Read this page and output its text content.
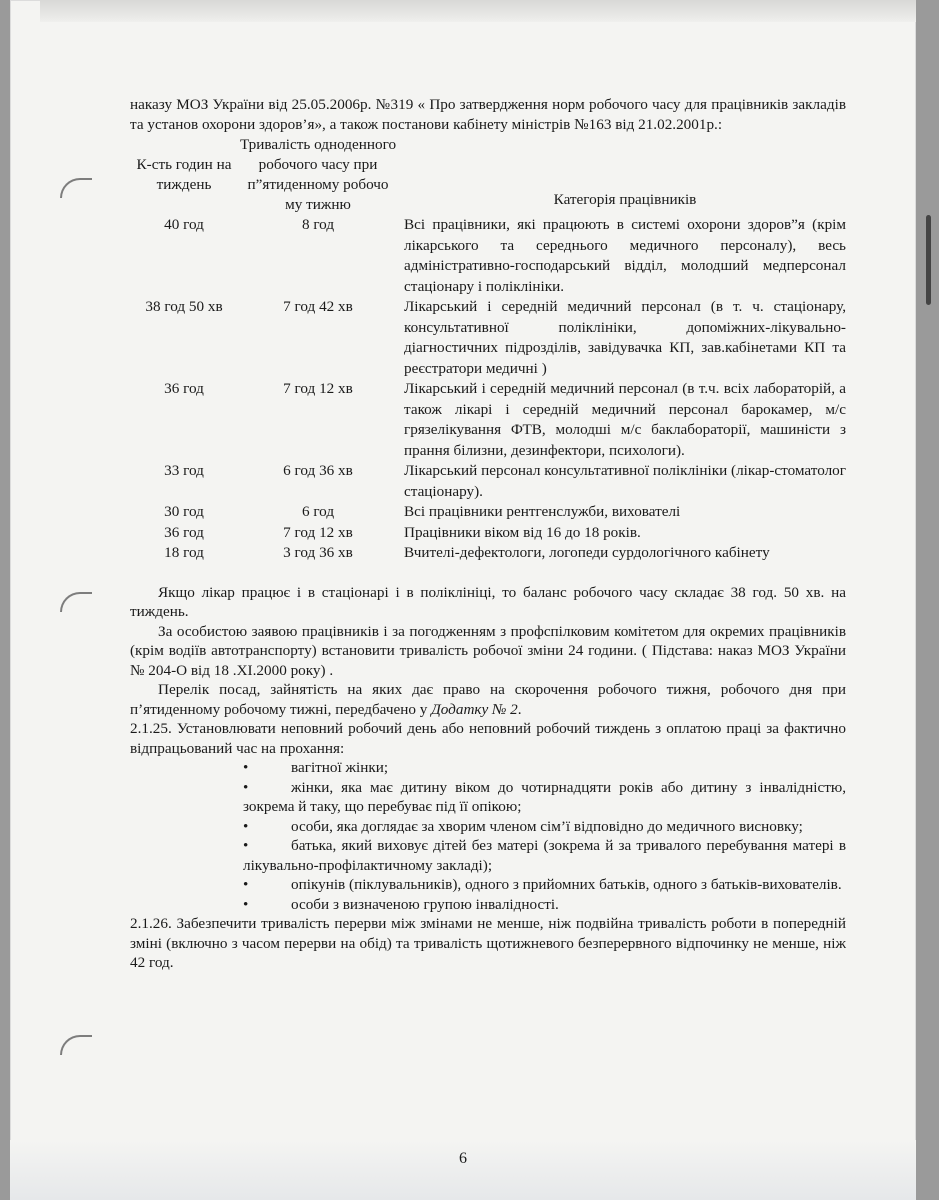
наказу МОЗ України від 25.05.2006р. №319 « Про затвердження норм робочого часу для працівників закладів та установ охорони здоров’я», а також постанови кабінету міністрів №163 від 21.02.2001р.:

К-сть годин на тиждень	Тривалість одноденного робочого часу при п”ятиденному робочо му тижню	Категорія працівників
40 год	8 год	Всі працівники, які працюють в системі охорони здоров”я (крім лікарського та середнього медичного персоналу), весь адміністративно-господарський відділ, молодший медперсонал стаціонару і поліклініки.
38 год 50 хв	7 год 42 хв	Лікарський і середній медичний персонал (в т. ч. стаціонару, консультативної поліклініки, допоміжних-лікувально-діагностичних підрозділів, завідувачка КП, зав.кабінетами КП та реєстратори медичні )
36 год	7 год 12 хв	Лікарський і середній медичний персонал (в т.ч. всіх лабораторій, а також лікарі і середній медичний персонал барокамер, м/с грязелікування ФТВ, молодші м/с баклабораторії, машиністи з прання білизни, дезинфектори, психологи).
33 год	6 год 36 хв	Лікарський персонал консультативної поліклініки (лікар-стоматолог стаціонару).
30 год	6 год	Всі працівники рентгенслужби, вихователі
36 год	7 год 12 хв	Працівники віком від 16 до 18 років.
18 год	3 год 36 хв	Вчителі-дефектологи, логопеди сурдологічного кабінету

Якщо лікар працює і в стаціонарі і в поліклініці, то баланс робочого часу складає 38 год. 50 хв. на тиждень.

За особистою заявою працівників і за погодженням з профспілковим комітетом для окремих працівників (крім водіїв автотранспорту) встановити тривалість робочої зміни 24 години. ( Підстава: наказ МОЗ України № 204-О від 18 .ХІ.2000 року) .

Перелік посад, зайнятість на яких дає право на скорочення робочого тижня, робочого дня при п’ятиденному робочому тижні, передбачено у Додатку № 2.

2.1.25. Установлювати неповний робочий день або неповний робочий тиждень з оплатою праці за фактично відпрацьований час на прохання:

• вагітної жінки;
• жінки, яка має дитину віком до чотирнадцяти років або дитину з інвалідністю, зокрема й таку, що перебуває під її опікою;
• особи, яка доглядає за хворим членом сім’ї відповідно до медичного висновку;
• батька, який виховує дітей без матері (зокрема й за тривалого перебування матері в лікувально-профілактичному закладі);
• опікунів (піклувальників), одного з прийомних батьків, одного з батьків-вихователів.
• особи з визначеною групою інвалідності.

2.1.26. Забезпечити тривалість перерви між змінами не менше, ніж подвійна тривалість роботи в попередній зміні (включно з часом перерви на обід) та тривалість щотижневого безперервного відпочинку не менше, ніж 42 год.

6
